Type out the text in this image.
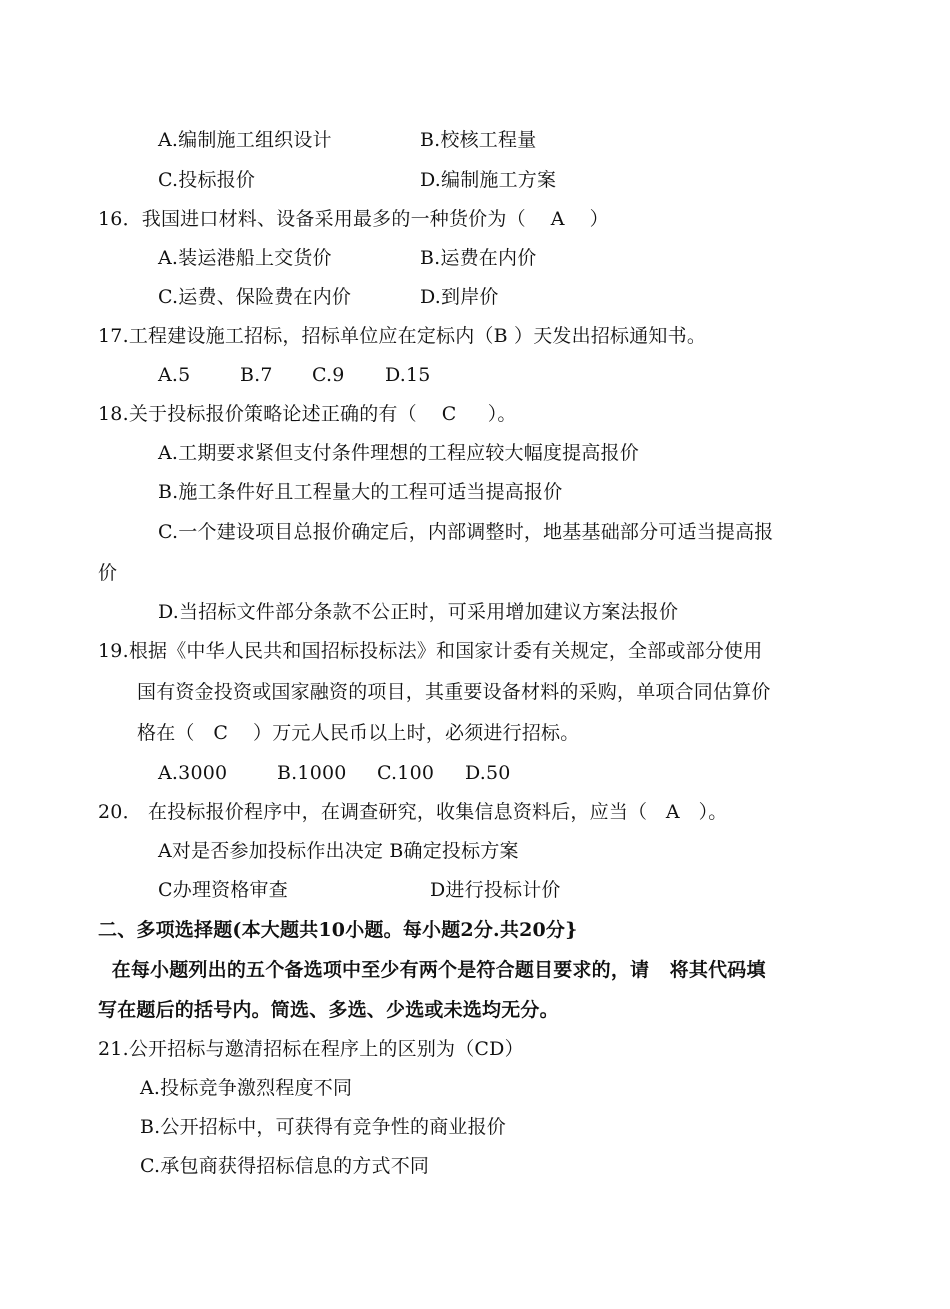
A.编制施工组织设计	B.校核工程量
C.投标报价	D.编制施工方案
16．我国进口材料、设备采用最多的一种货价为（    A    ）
A.装运港船上交货价	B.运费在内价
C.运费、保险费在内价	D.到岸价
17.工程建设施工招标，招标单位应在定标内（B ）天发出招标通知书。
A.5	B.7 C.9 D.15
18.关于投标报价策略论述正确的有（    C     ）。
A.工期要求紧但支付条件理想的工程应较大幅度提高报价
B.施工条件好且工程量大的工程可适当提高报价
C.一个建设项目总报价确定后，内部调整时，地基基础部分可适当提高报
价
D.当招标文件部分条款不公正时，可采用增加建议方案法报价
19.根据《中华人民共和国招标投标法》和国家计委有关规定，全部或部分使用
国有资金投资或国家融资的项目，其重要设备材料的采购，单项合同估算价
格在（   C    ）万元人民币以上时，必须进行招标。
A.3000	B.1000 C.100 D.50
20． 在投标报价程序中，在调查研究，收集信息资料后，应当（   A   ）。
A对是否参加投标作出决定 B确定投标方案
C办理资格审查	D进行投标计价
二、多项选择题(本大题共10小题。每小题2分.共20分}
在每小题列出的五个备选项中至少有两个是符合题目要求的，请   将其代码填
写在题后的括号内。筒选、多选、少选或未选均无分。
21.公开招标与邀清招标在程序上的区别为（CD）
A.投标竞争激烈程度不同
B.公开招标中，可获得有竞争性的商业报价
C.承包商获得招标信息的方式不同
